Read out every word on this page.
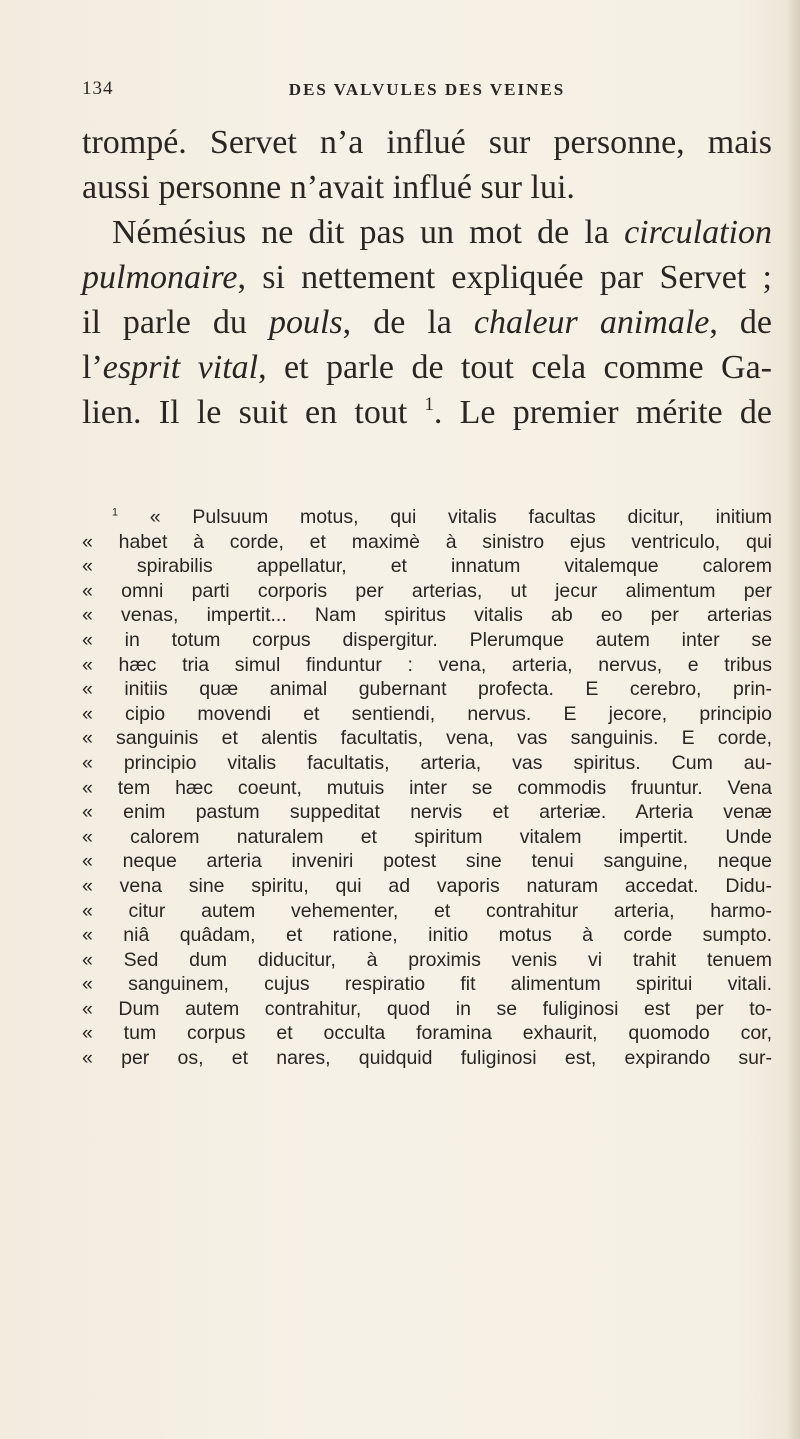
134	DES VALVULES DES VEINES
trompé. Servet n’a influé sur personne, mais
aussi personne n’avait influé sur lui.
Némésius ne dit pas un mot de la circulation
pulmonaire, si nettement expliquée par Servet ;
il parle du pouls, de la chaleur animale, de
l’esprit vital, et parle de tout cela comme Ga-
lien. Il le suit en tout $^1$. Le premier mérite de
$^1$ « Pulsuum motus, qui vitalis facultas dicitur, initium
« habet à corde, et maximè à sinistro ejus ventriculo, qui
« spirabilis appellatur, et innatum vitalemque calorem
« omni parti corporis per arterias, ut jecur alimentum per
« venas, impertit... Nam spiritus vitalis ab eo per arterias
« in totum corpus dispergitur. Plerumque autem inter se
« hæc tria simul finduntur : vena, arteria, nervus, e tribus
« initiis quæ animal gubernant profecta. E cerebro, prin-
« cipio movendi et sentiendi, nervus. E jecore, principio
« sanguinis et alentis facultatis, vena, vas sanguinis. E corde,
« principio vitalis facultatis, arteria, vas spiritus. Cum au-
« tem hæc coeunt, mutuis inter se commodis fruuntur. Vena
« enim pastum suppeditat nervis et arteriæ. Arteria venæ
« calorem naturalem et spiritum vitalem impertit. Unde
« neque arteria inveniri potest sine tenui sanguine, neque
« vena sine spiritu, qui ad vaporis naturam accedat. Didu-
« citur autem vehementer, et contrahitur arteria, harmo-
« niâ quâdam, et ratione, initio motus à corde sumpto.
« Sed dum diducitur, à proximis venis vi trahit tenuem
« sanguinem, cujus respiratio fit alimentum spiritui vitali.
« Dum autem contrahitur, quod in se fuliginosi est per to-
« tum corpus et occulta foramina exhaurit, quomodo cor,
« per os, et nares, quidquid fuliginosi est, expirando sur-
